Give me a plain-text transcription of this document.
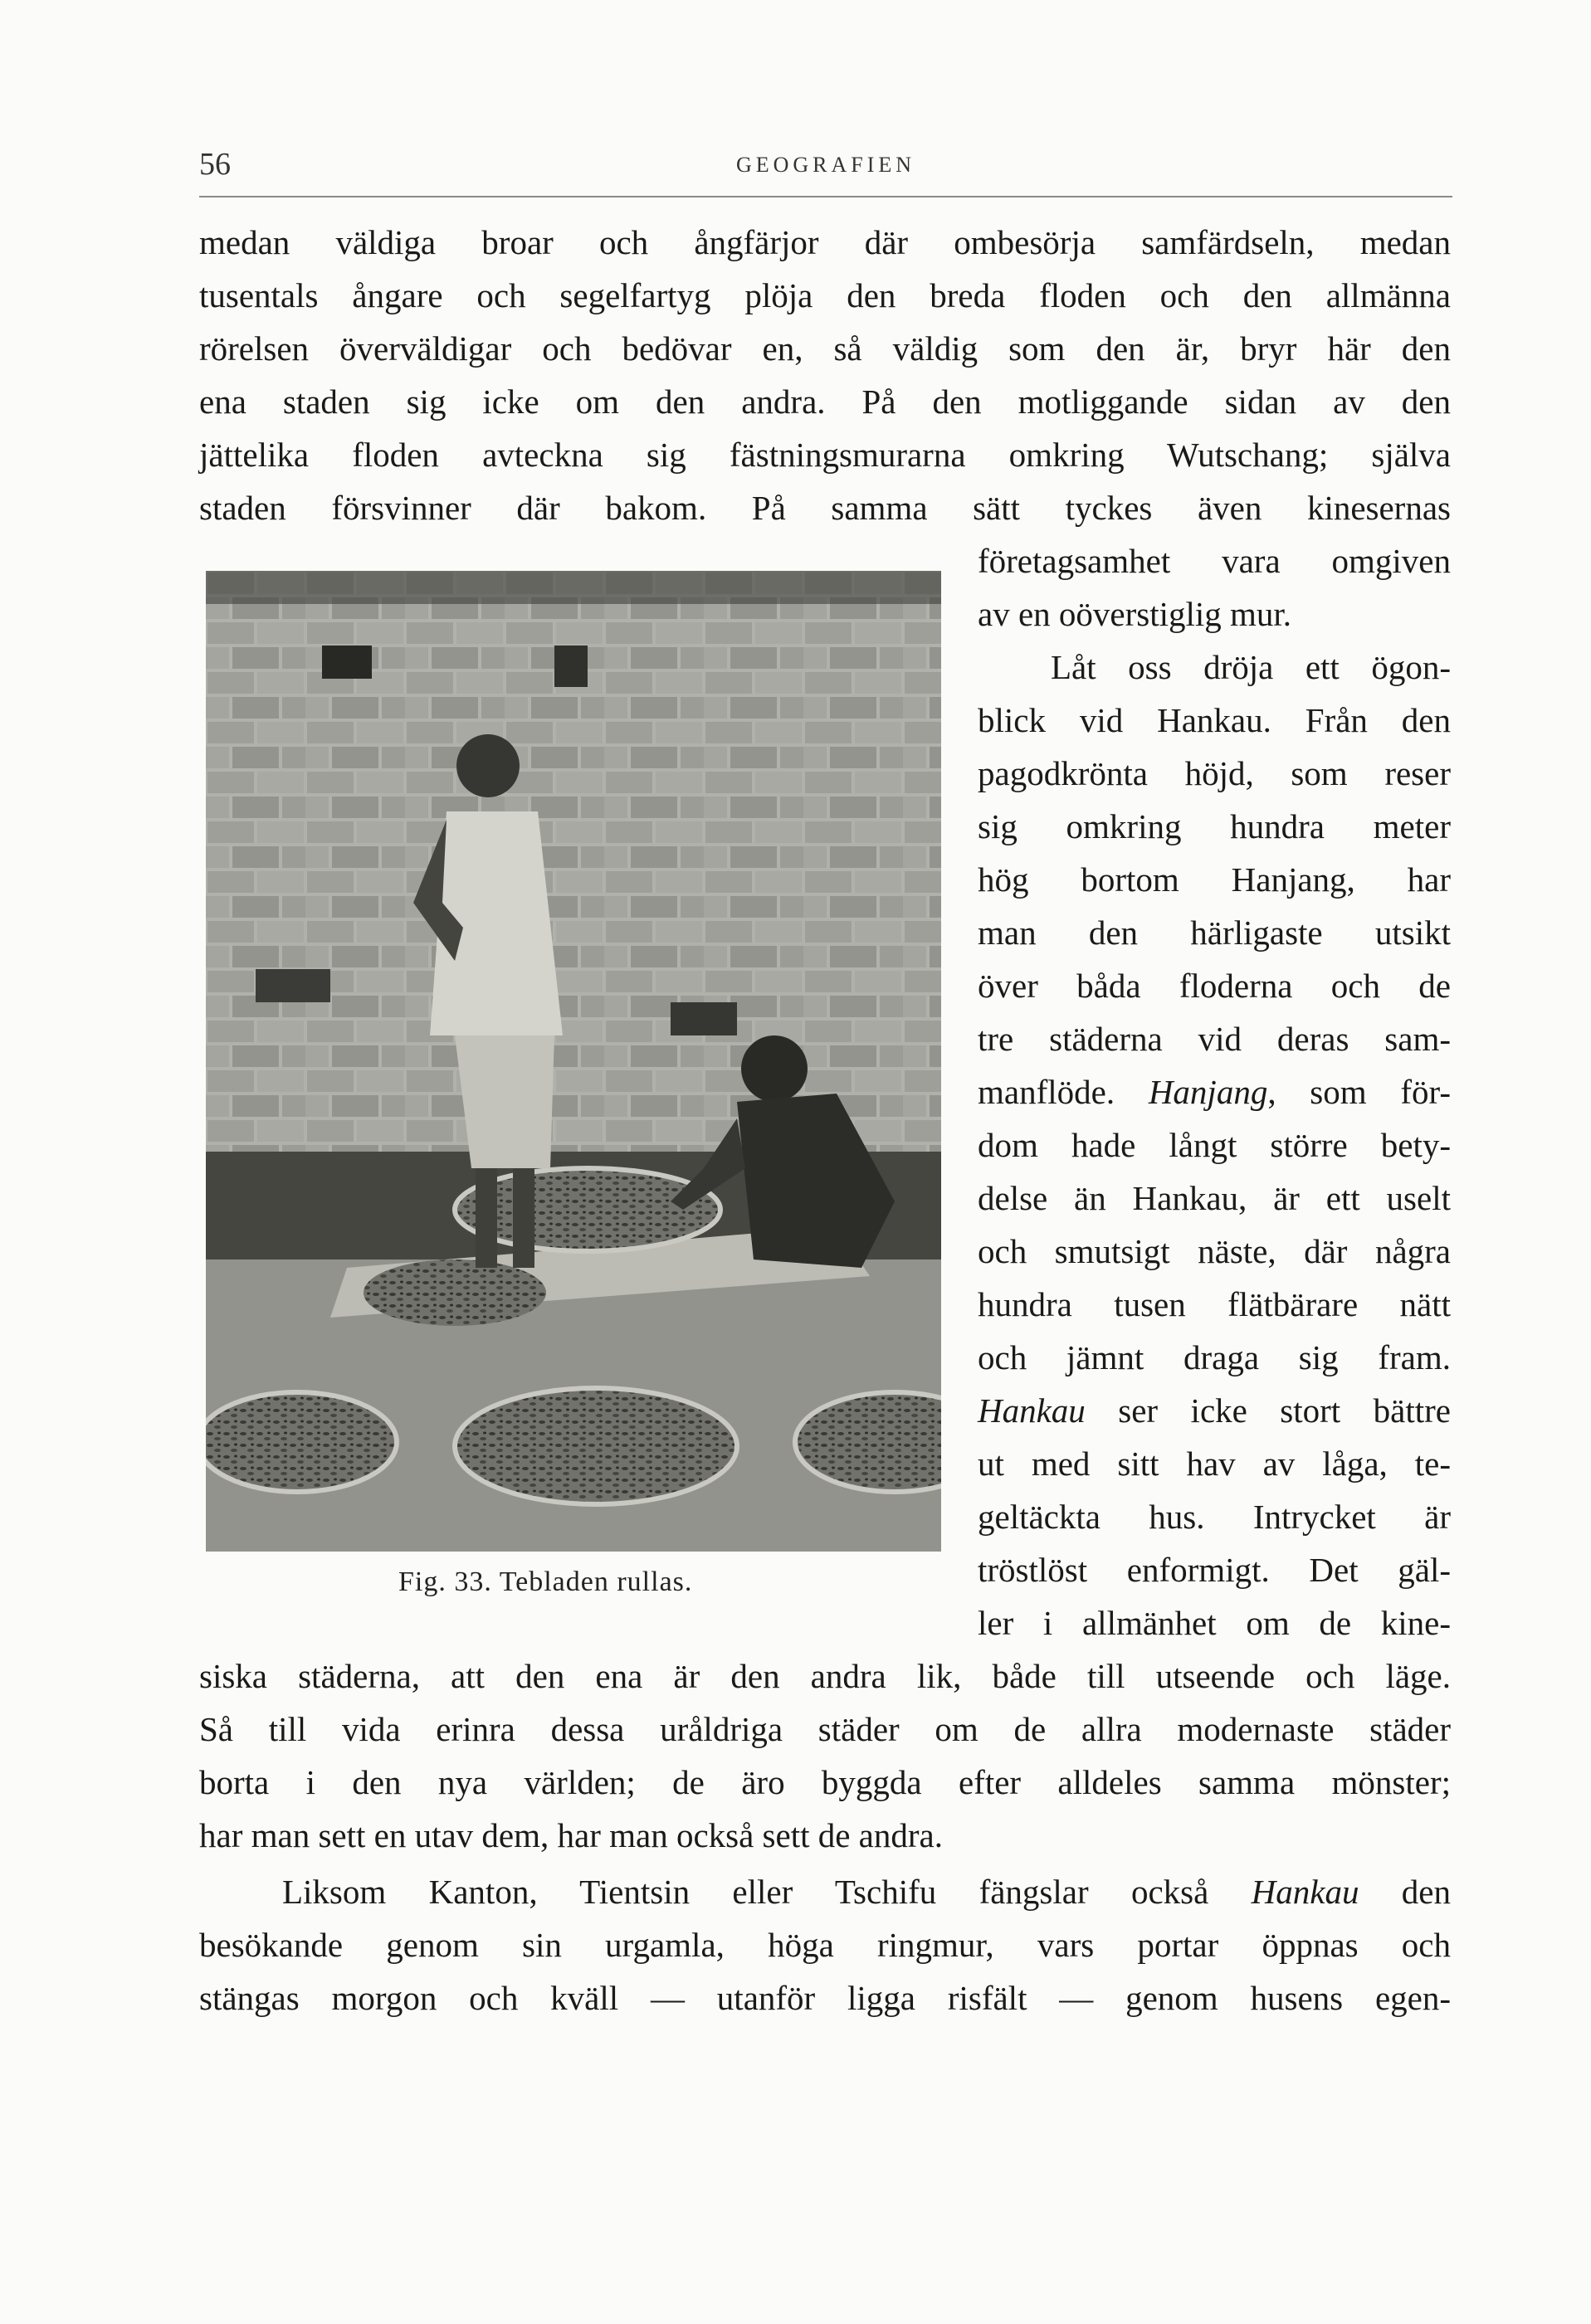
56	GEOGRAFIEN
medan väldiga broar och ångfärjor där ombesörja samfärdseln, medan
tusentals ångare och segelfartyg plöja den breda floden och den allmänna
rörelsen överväldigar och bedövar en, så väldig som den är, bryr här den
ena staden sig icke om den andra. På den motliggande sidan av den
jättelika floden avteckna sig fästningsmurarna omkring Wutschang; själva
staden försvinner där bakom. På samma sätt tyckes även kinesernas
företagsamhet vara omgiven
av en oöverstiglig mur.
Låt oss dröja ett ögon-
blick vid Hankau. Från den
pagodkrönta höjd, som reser
sig omkring hundra meter
hög bortom Hanjang, har
man den härligaste utsikt
över båda floderna och de
tre städerna vid deras sam-
manflöde. Hanjang, som för-
dom hade långt större bety-
delse än Hankau, är ett uselt
och smutsigt näste, där några
hundra tusen flätbärare nätt
och jämnt draga sig fram.
Hankau ser icke stort bättre
ut med sitt hav av låga, te-
geltäckta hus. Intrycket är
tröstlöst enformigt. Det gäl-
ler i allmänhet om de kine-
siska städerna, att den ena är den andra lik, både till utseende och läge.
Så till vida erinra dessa uråldriga städer om de allra modernaste städer
borta i den nya världen; de äro byggda efter alldeles samma mönster;
har man sett en utav dem, har man också sett de andra.
Liksom Kanton, Tientsin eller Tschifu fängslar också Hankau den
besökande genom sin urgamla, höga ringmur, vars portar öppnas och
stängas morgon och kväll — utanför ligga risfält — genom husens egen-
Fig. 33. Tebladen rullas.
